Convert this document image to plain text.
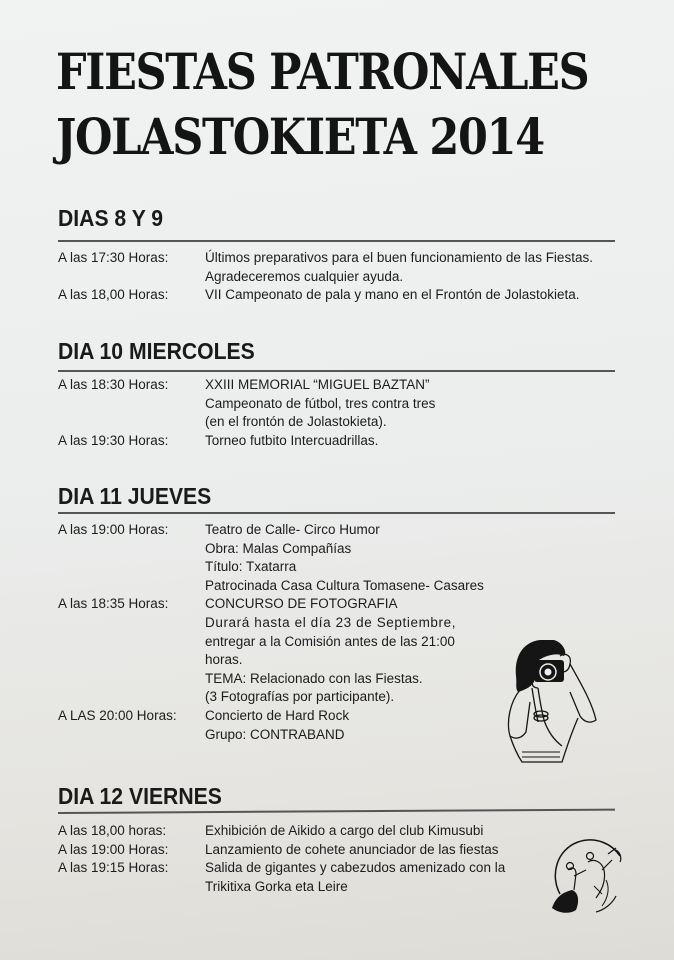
FIESTAS PATRONALES
JOLASTOKIETA 2014
DIAS 8 Y 9
A las 17:30 Horas:	Últimos preparativos para el buen funcionamiento de las Fiestas.
Agradeceremos cualquier ayuda.
A las 18,00 Horas:	VII Campeonato de pala y mano en el Frontón de Jolastokieta.
DIA 10 MIERCOLES
A las 18:30 Horas:	XXIII MEMORIAL “MIGUEL BAZTAN”
Campeonato de fútbol, tres contra tres
(en el frontón de Jolastokieta).
A las 19:30 Horas:	Torneo futbito Intercuadrillas.
DIA 11 JUEVES
A las 19:00 Horas:	Teatro de Calle- Circo Humor
Obra: Malas Compañías
Título: Txatarra
Patrocinada Casa Cultura Tomasene- Casares
A las 18:35 Horas:	CONCURSO DE FOTOGRAFIA
Durará hasta el día 23 de Septiembre,
entregar a la Comisión antes de las 21:00
horas.
TEMA: Relacionado con las Fiestas.
(3 Fotografías por participante).
A LAS 20:00 Horas:	Concierto de Hard Rock
Grupo: CONTRABAND
DIA 12 VIERNES
A las 18,00 horas:	Exhibición de Aikido a cargo del club Kimusubi
A las 19:00 Horas:	Lanzamiento de cohete anunciador de las fiestas
A las 19:15 Horas:	Salida de gigantes y cabezudos amenizado con la
Trikitixa Gorka eta Leire
